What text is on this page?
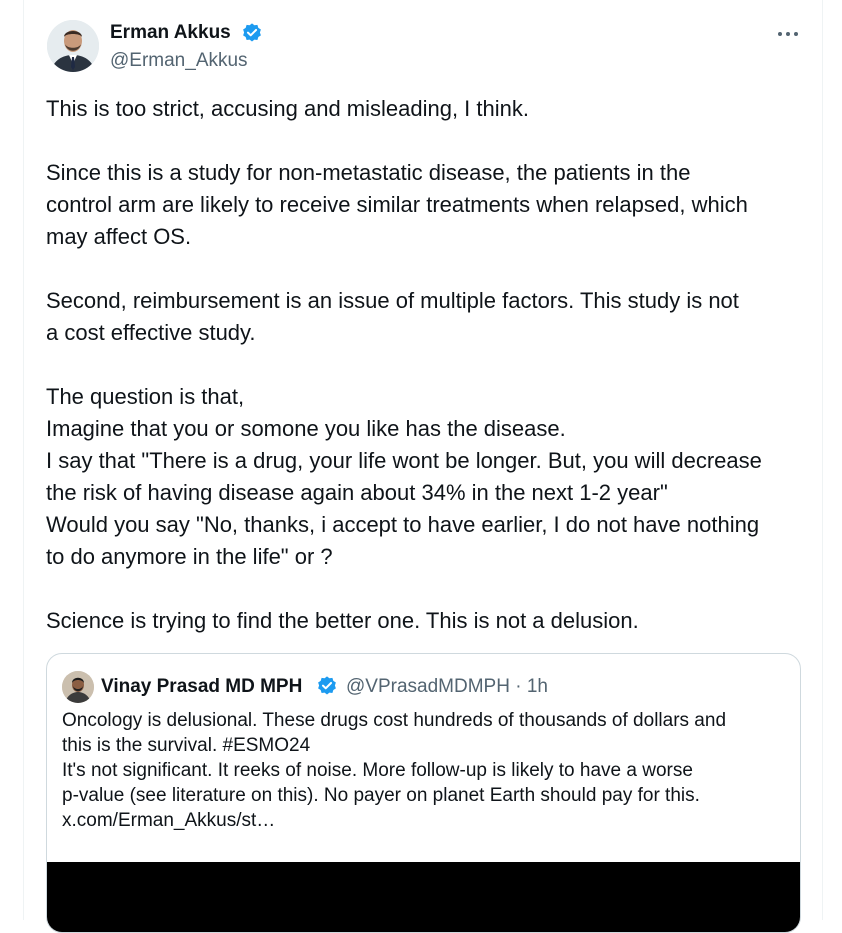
Erman Akkus
@Erman_Akkus

This is too strict, accusing and misleading, I think.

Since this is a study for non-metastatic disease, the patients in the
control arm are likely to receive similar treatments when relapsed, which
may affect OS.

Second, reimbursement is an issue of multiple factors. This study is not
a cost effective study.

The question is that,
Imagine that you or somone you like has the disease.
I say that "There is a drug, your life wont be longer. But, you will decrease
the risk of having disease again about 34% in the next 1-2 year"
Would you say "No, thanks, i accept to have earlier, I do not have nothing
to do anymore in the life" or ?

Science is trying to find the better one. This is not a delusion.

Vinay Prasad MD MPH @VPrasadMDMPH · 1h
Oncology is delusional. These drugs cost hundreds of thousands of dollars and
this is the survival. #ESMO24
It's not significant. It reeks of noise. More follow-up is likely to have a worse
p-value (see literature on this). No payer on planet Earth should pay for this.
x.com/Erman_Akkus/st…
